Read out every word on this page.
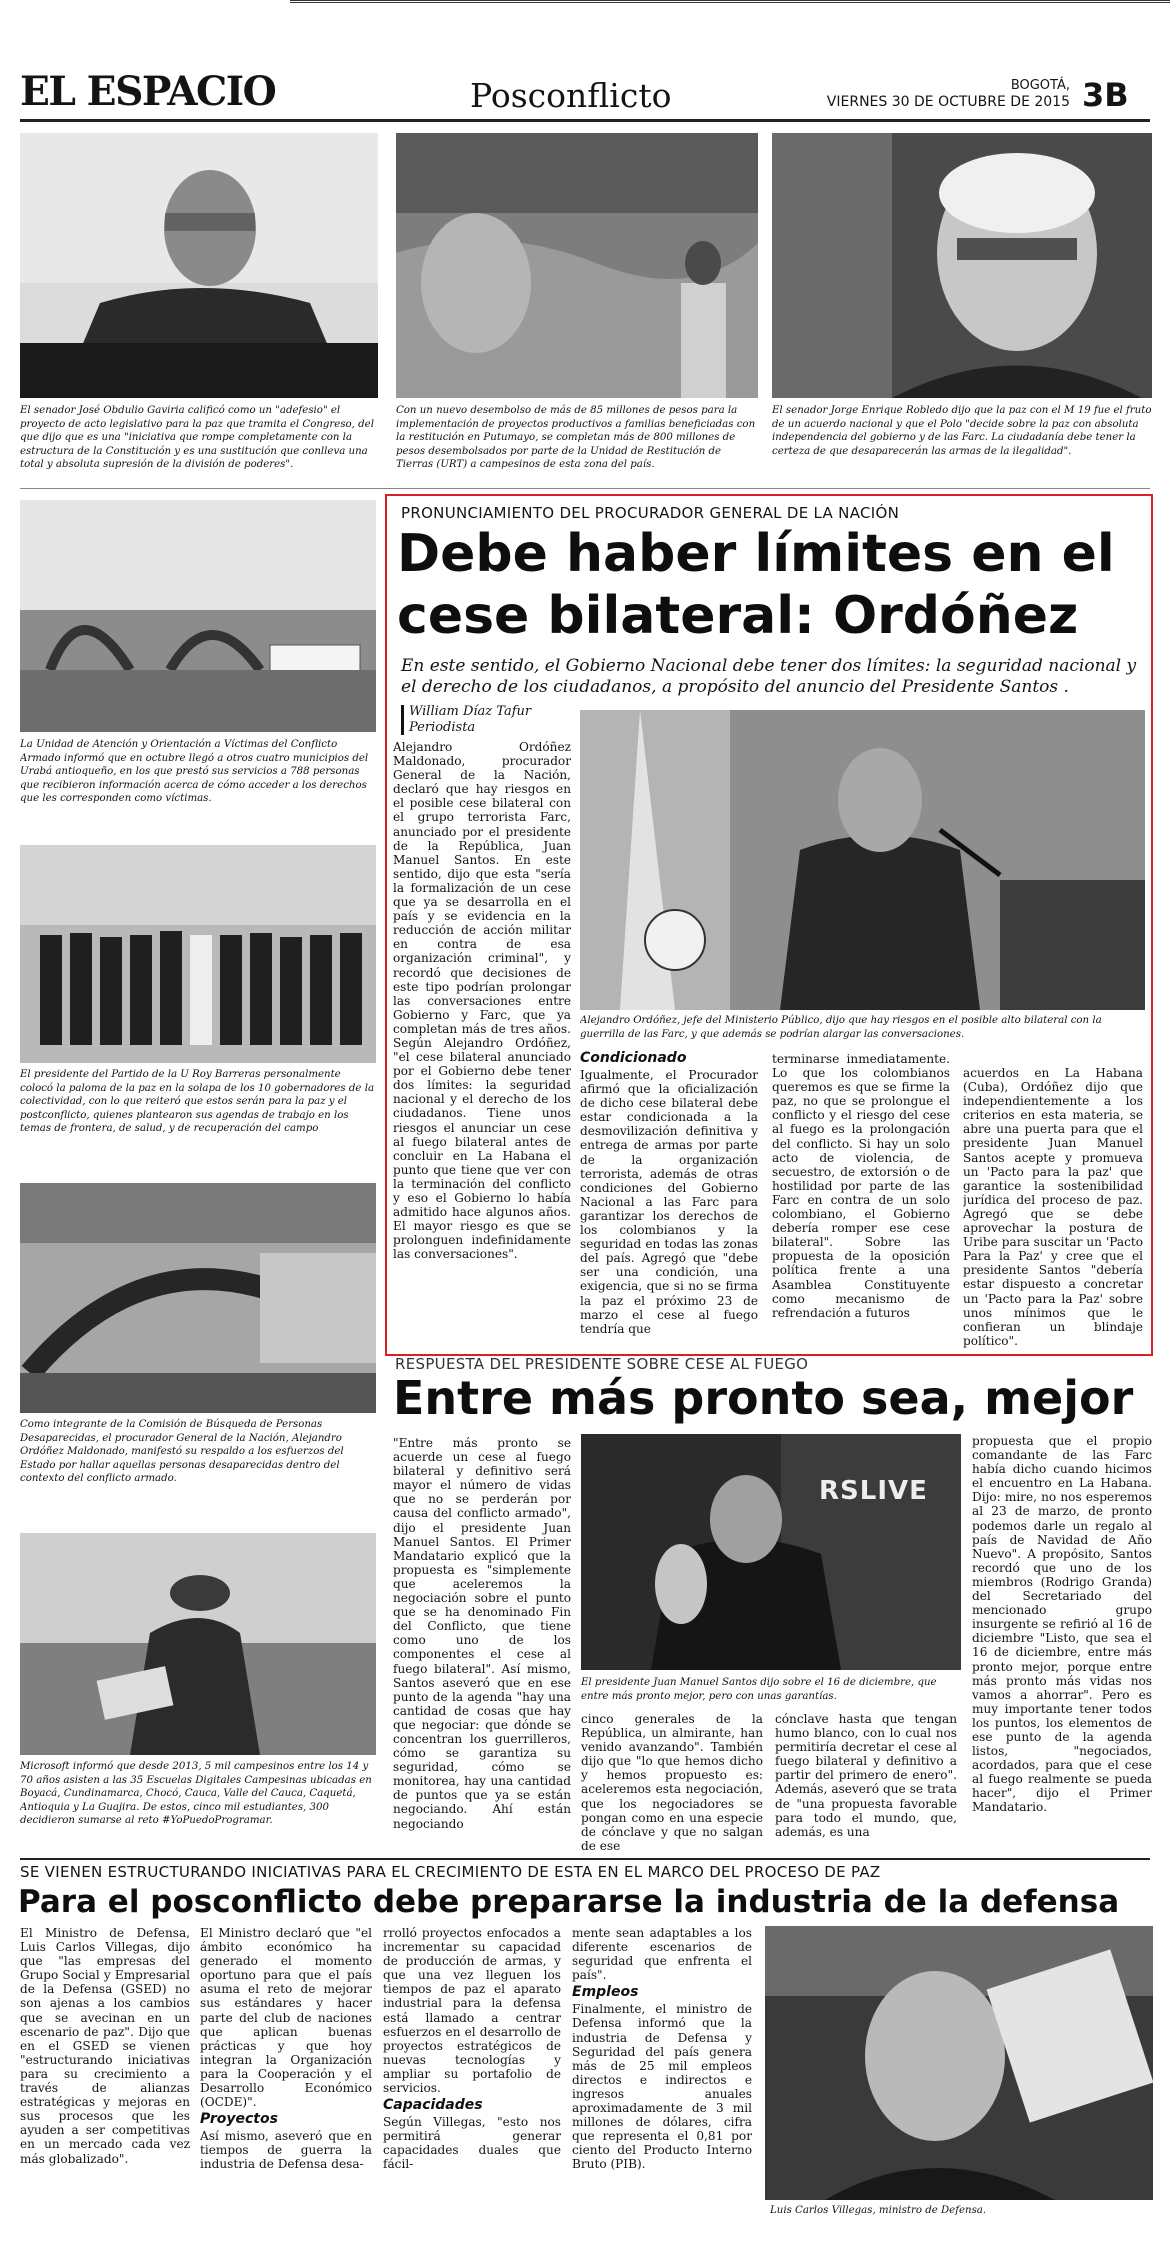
EL ESPACIO	Posconflicto	BOGOTÁ,
VIERNES 30 DE OCTUBRE DE 2015 3B
El senador José Obdulio Gaviria calificó como un "adefesio" el proyecto de acto legislativo para la paz que tramita el Congreso, del que dijo que es una "iniciativa que rompe completamente con la estructura de la Constitución y es una sustitución que conlleva una total y absoluta supresión de la división de poderes".
Con un nuevo desembolso de más de 85 millones de pesos para la implementación de proyectos productivos a familias beneficiadas con la restitución en Putumayo, se completan más de 800 millones de pesos desembolsados por parte de la Unidad de Restitución de Tierras (URT) a campesinos de esta zona del país.
El senador Jorge Enrique Robledo dijo que la paz con el M 19 fue el fruto de un acuerdo nacional y que el Polo "decide sobre la paz con absoluta independencia del gobierno y de las Farc. La ciudadanía debe tener la certeza de que desaparecerán las armas de la ilegalidad".
La Unidad de Atención y Orientación a Víctimas del Conflicto Armado informó que en octubre llegó a otros cuatro municipios del Urabá antioqueño, en los que prestó sus servicios a 788 personas que recibieron información acerca de cómo acceder a los derechos que les corresponden como víctimas.
El presidente del Partido de la U Roy Barreras personalmente colocó la paloma de la paz en la solapa de los 10 gobernadores de la colectividad, con lo que reiteró que estos serán para la paz y el postconflicto, quienes plantearon sus agendas de trabajo en los temas de frontera, de salud, y de recuperación del campo
Como integrante de la Comisión de Búsqueda de Personas Desaparecidas, el procurador General de la Nación, Alejandro Ordóñez Maldonado, manifestó su respaldo a los esfuerzos del Estado por hallar aquellas personas desaparecidas dentro del contexto del conflicto armado.
Microsoft informó que desde 2013, 5 mil campesinos entre los 14 y 70 años asisten a las 35 Escuelas Digitales Campesinas ubicadas en Boyacá, Cundinamarca, Chocó, Cauca, Valle del Cauca, Caquetá, Antioquia y La Guajira. De estos, cinco mil estudiantes, 300 decidieron sumarse al reto #YoPuedoProgramar.
PRONUNCIAMIENTO DEL PROCURADOR GENERAL DE LA NACIÓN
Debe haber límites en el
cese bilateral: Ordóñez
En este sentido, el Gobierno Nacional debe tener dos límites: la seguridad nacional y el derecho de los ciudadanos, a propósito del anuncio del Presidente Santos .
William Díaz Tafur
Periodista
Alejandro Ordóñez Maldonado, procurador General de la Nación, declaró que hay riesgos en el posible cese bilateral con el grupo terrorista Farc, anunciado por el presidente de la República, Juan Manuel Santos. En este sentido, dijo que esta "sería la formalización de un cese que ya se desarrolla en el país y se evidencia en la reducción de acción militar en contra de esa organización criminal", y recordó que decisiones de este tipo podrían prolongar las conversaciones entre Gobierno y Farc, que ya completan más de tres años. Según Alejandro Ordóñez, "el cese bilateral anunciado por el Gobierno debe tener dos límites: la seguridad nacional y el derecho de los ciudadanos. Tiene unos riesgos el anunciar un cese al fuego bilateral antes de concluir en La Habana el punto que tiene que ver con la terminación del conflicto y eso el Gobierno lo había admitido hace algunos años. El mayor riesgo es que se prolonguen indefinidamente las conversaciones".
Alejandro Ordóñez, jefe del Ministerio Público, dijo que hay riesgos en el posible alto bilateral con la guerrilla de las Farc, y que además se podrían alargar las conversaciones.
Condicionado

Igualmente, el Procurador afirmó que la oficialización de dicho cese bilateral debe estar condicionada a la desmovilización definitiva y entrega de armas por parte de la organización terrorista, además de otras condiciones del Gobierno Nacional a las Farc para garantizar los derechos de los colombianos y la seguridad en todas las zonas del país. Agregó que "debe ser una condición, una exigencia, que si no se firma la paz el próximo 23 de marzo el cese al fuego tendría que

terminarse inmediatamente. Lo que los colombianos queremos es que se firme la paz, no que se prolongue el conflicto y el riesgo del cese al fuego es la prolongación del conflicto. Si hay un solo acto de violencia, de secuestro, de extorsión o de hostilidad por parte de las Farc en contra de un solo colombiano, el Gobierno debería romper ese cese bilateral". Sobre las propuesta de la oposición política frente a una Asamblea Constituyente como mecanismo de refrendación a futuros
acuerdos en La Habana (Cuba), Ordóñez dijo que independientemente a los criterios en esta materia, se abre una puerta para que el presidente Juan Manuel Santos acepte y promueva un 'Pacto para la paz' que garantice la sostenibilidad jurídica del proceso de paz. Agregó que se debe aprovechar la postura de Uribe para suscitar un 'Pacto Para la Paz' y cree que el presidente Santos "debería estar dispuesto a concretar un 'Pacto para la Paz' sobre unos mínimos que le confieran un blindaje político".
RESPUESTA DEL PRESIDENTE SOBRE CESE AL FUEGO
Entre más pronto sea, mejor
"Entre más pronto se acuerde un cese al fuego bilateral y definitivo será mayor el número de vidas que no se perderán por causa del conflicto armado", dijo el presidente Juan Manuel Santos. El Primer Mandatario explicó que la propuesta es "simplemente que aceleremos la negociación sobre el punto que se ha denominado Fin del Conflicto, que tiene como uno de los componentes el cese al fuego bilateral". Así mismo, Santos aseveró que en ese punto de la agenda "hay una cantidad de cosas que hay que negociar: que dónde se concentran los guerrilleros, cómo se garantiza su seguridad, cómo se monitorea, hay una cantidad de puntos que ya se están negociando. Ahí están negociando
RSLIVE
El presidente Juan Manuel Santos dijo sobre el 16 de diciembre, que entre más pronto mejor, pero con unas garantías.
cinco generales de la República, un almirante, han venido avanzando". También dijo que "lo que hemos dicho y hemos propuesto es: aceleremos esta negociación, que los negociadores se pongan como en una especie de cónclave y que no salgan de ese
cónclave hasta que tengan humo blanco, con lo cual nos permitiría decretar el cese al fuego bilateral y definitivo a partir del primero de enero". Además, aseveró que se trata de "una propuesta favorable para todo el mundo, que, además, es una
propuesta que el propio comandante de las Farc había dicho cuando hicimos el encuentro en La Habana. Dijo: mire, no nos esperemos al 23 de marzo, de pronto podemos darle un regalo al país de Navidad de Año Nuevo". A propósito, Santos recordó que uno de los miembros (Rodrigo Granda) del Secretariado del mencionado grupo insurgente se refirió al 16 de diciembre "Listo, que sea el 16 de diciembre, entre más pronto mejor, porque entre más pronto más vidas nos vamos a ahorrar". Pero es muy importante tener todos los puntos, los elementos de ese punto de la agenda listos, "negociados, acordados, para que el cese al fuego realmente se pueda hacer", dijo el Primer Mandatario.
SE VIENEN ESTRUCTURANDO INICIATIVAS PARA EL CRECIMIENTO DE ESTA EN EL MARCO DEL PROCESO DE PAZ
Para el posconflicto debe prepararse la industria de la defensa
El Ministro de Defensa, Luis Carlos Villegas, dijo que "las empresas del Grupo Social y Empresarial de la Defensa (GSED) no son ajenas a los cambios que se avecinan en un escenario de paz". Dijo que en el GSED se vienen "estructurando iniciativas para su crecimiento a través de alianzas estratégicas y mejoras en sus procesos que les ayuden a ser competitivas en un mercado cada vez más globalizado".

El Ministro declaró que "el ámbito económico ha generado el momento oportuno para que el país asuma el reto de mejorar sus estándares y hacer parte del club de naciones que aplican buenas prácticas y que hoy integran la Organización para la Cooperación y el Desarrollo Económico (OCDE)".

Proyectos

Así mismo, aseveró que en tiempos de guerra la industria de Defensa desa-

rrolló proyectos enfocados a incrementar su capacidad de producción de armas, y que una vez lleguen los tiempos de paz el aparato industrial para la defensa está llamado a centrar esfuerzos en el desarrollo de proyectos estratégicos de nuevas tecnologías y ampliar su portafolio de servicios.

Capacidades

Según Villegas, "esto nos permitirá generar capacidades duales que fácil-

mente sean adaptables a los diferente escenarios de seguridad que enfrenta el país".

Empleos

Finalmente, el ministro de Defensa informó que la industria de Defensa y Seguridad del país genera más de 25 mil empleos directos e indirectos e ingresos anuales aproximadamente de 3 mil millones de dólares, cifra que representa el 0,81 por ciento del Producto Interno Bruto (PIB).

Luis Carlos Villegas, ministro de Defensa.
